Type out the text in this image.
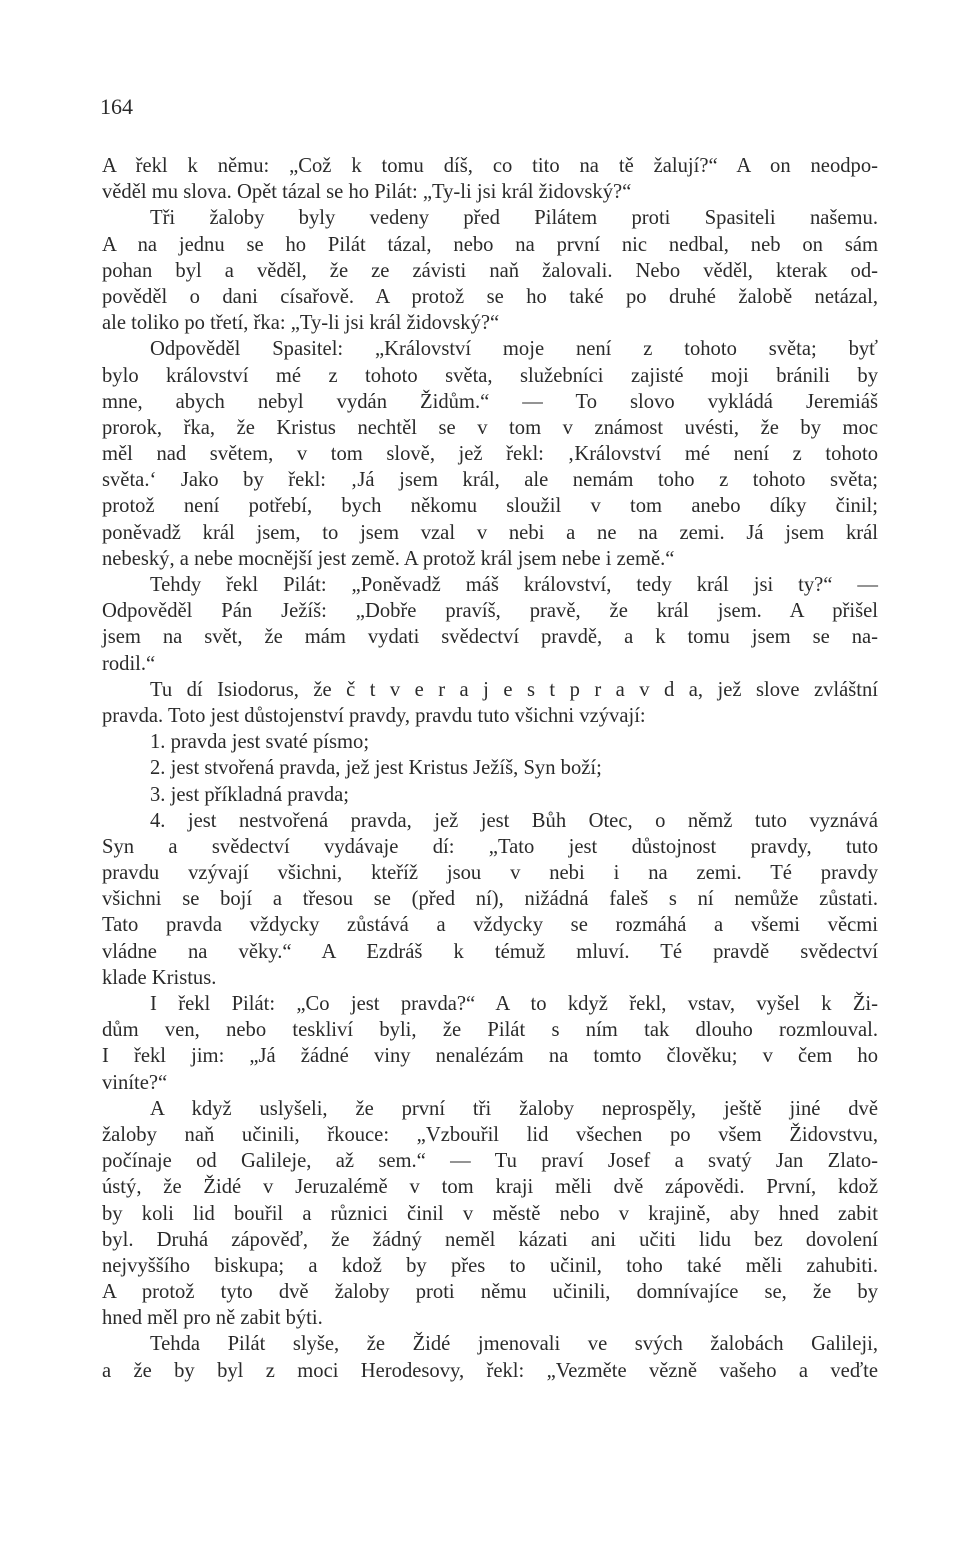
164
A řekl k němu: „Což k tomu díš, co tito na tě žalují?“ A on neodpo-
věděl mu slova. Opět tázal se ho Pilát: „Ty-li jsi král židovský?“
Tři žaloby byly vedeny před Pilátem proti Spasiteli našemu.
A na jednu se ho Pilát tázal, nebo na první nic nedbal, neb on sám
pohan byl a věděl, že ze závisti naň žalovali. Nebo věděl, kterak od-
pověděl o dani císařově. A protož se ho také po druhé žalobě netázal,
ale toliko po třetí, řka: „Ty-li jsi král židovský?“
Odpověděl Spasitel: „Království moje není z tohoto světa; byť
bylo království mé z tohoto světa, služebníci zajisté moji bránili by
mne, abych nebyl vydán Židům.“ — To slovo vykládá Jeremiáš
prorok, řka, že Kristus nechtěl se v tom v známost uvésti, že by moc
měl nad světem, v tom slově, jež řekl: ‚Království mé není z tohoto
světa.‘ Jako by řekl: ‚Já jsem král, ale nemám toho z tohoto světa;
protož není potřebí, bych někomu sloužil v tom anebo díky činil;
poněvadž král jsem, to jsem vzal v nebi a ne na zemi. Já jsem král
nebeský, a nebe mocnější jest země. A protož král jsem nebe i země.“
Tehdy řekl Pilát: „Poněvadž máš království, tedy král jsi ty?“ —
Odpověděl Pán Ježíš: „Dobře pravíš, pravě, že král jsem. A přišel
jsem na svět, že mám vydati svědectví pravdě, a k tomu jsem se na-
rodil.“
Tu dí Isiodorus, že č t v e r a j e s t p r a v d a, jež slove zvláštní
pravda. Toto jest důstojenství pravdy, pravdu tuto všichni vzývají:
1. pravda jest svaté písmo;
2. jest stvořená pravda, jež jest Kristus Ježíš, Syn boží;
3. jest příkladná pravda;
4. jest nestvořená pravda, jež jest Bůh Otec, o němž tuto vyznává
Syn a svědectví vydávaje dí: „Tato jest důstojnost pravdy, tuto
pravdu vzývají všichni, kteříž jsou v nebi i na zemi. Té pravdy
všichni se bojí a třesou se (před ní), nižádná faleš s ní nemůže zůstati.
Tato pravda vždycky zůstává a vždycky se rozmáhá a všemi věcmi
vládne na věky.“ A Ezdráš k témuž mluví. Té pravdě svědectví
klade Kristus.
I řekl Pilát: „Co jest pravda?“ A to když řekl, vstav, vyšel k Ži-
dům ven, nebo teskliví byli, že Pilát s ním tak dlouho rozmlouval.
I řekl jim: „Já žádné viny nenalézám na tomto člověku; v čem ho
viníte?“
A když uslyšeli, že první tři žaloby neprospěly, ještě jiné dvě
žaloby naň učinili, řkouce: „Vzbouřil lid všechen po všem Židovstvu,
počínaje od Galileje, až sem.“ — Tu praví Josef a svatý Jan Zlato-
ústý, že Židé v Jeruzalémě v tom kraji měli dvě zápovědi. První, kdož
by koli lid bouřil a různici činil v městě nebo v krajině, aby hned zabit
byl. Druhá zápověď, že žádný neměl kázati ani učiti lidu bez dovolení
nejvyššího biskupa; a kdož by přes to učinil, toho také měli zahubiti.
A protož tyto dvě žaloby proti němu učinili, domnívajíce se, že by
hned měl pro ně zabit býti.
Tehda Pilát slyše, že Židé jmenovali ve svých žalobách Galileji,
a že by byl z moci Herodesovy, řekl: „Vezměte vězně vašeho a veďte
